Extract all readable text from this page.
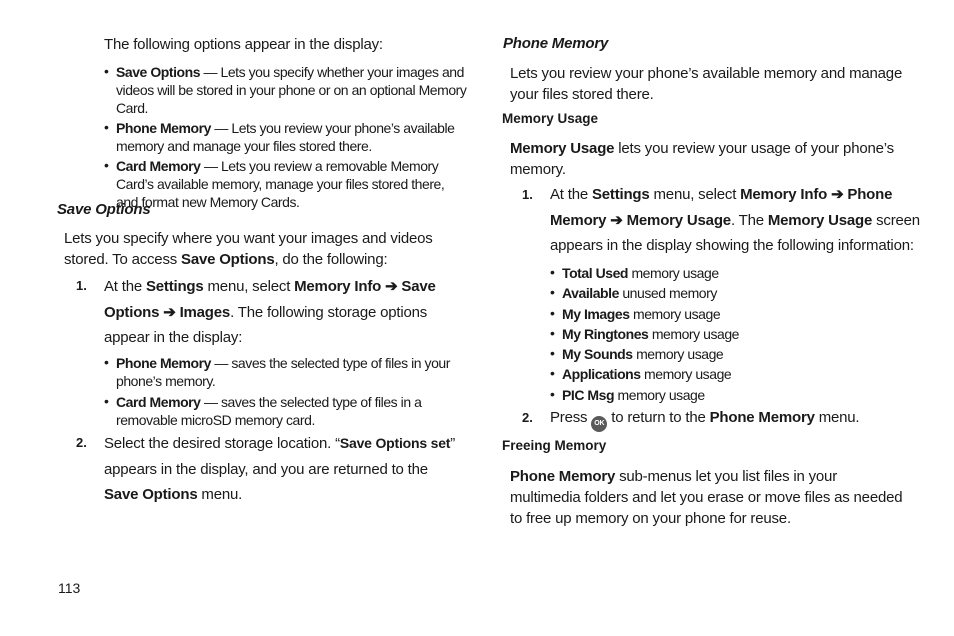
The following options appear in the display:
• Save Options — Lets you specify whether your images and videos will be stored in your phone or on an optional Memory Card.
• Phone Memory — Lets you review your phone’s available memory and manage your files stored there.
• Card Memory — Lets you review a removable Memory Card’s available memory, manage your files stored there, and format new Memory Cards.
Save Options
Lets you specify where you want your images and videos stored. To access Save Options, do the following:
1. At the Settings menu, select Memory Info ➔ Save Options ➔ Images. The following storage options appear in the display:
• Phone Memory — saves the selected type of files in your phone’s memory.
• Card Memory — saves the selected type of files in a removable microSD memory card.
2. Select the desired storage location. “Save Options set” appears in the display, and you are returned to the Save Options menu.
Phone Memory
Lets you review your phone’s available memory and manage your files stored there.
Memory Usage
Memory Usage lets you review your usage of your phone’s memory.
1. At the Settings menu, select Memory Info ➔ Phone Memory ➔ Memory Usage. The Memory Usage screen appears in the display showing the following information:
• Total Used memory usage
• Available unused memory
• My Images memory usage
• My Ringtones memory usage
• My Sounds memory usage
• Applications memory usage
• PIC Msg memory usage
2. Press OK to return to the Phone Memory menu.
Freeing Memory
Phone Memory sub-menus let you list files in your multimedia folders and let you erase or move files as needed to free up memory on your phone for reuse.
113
